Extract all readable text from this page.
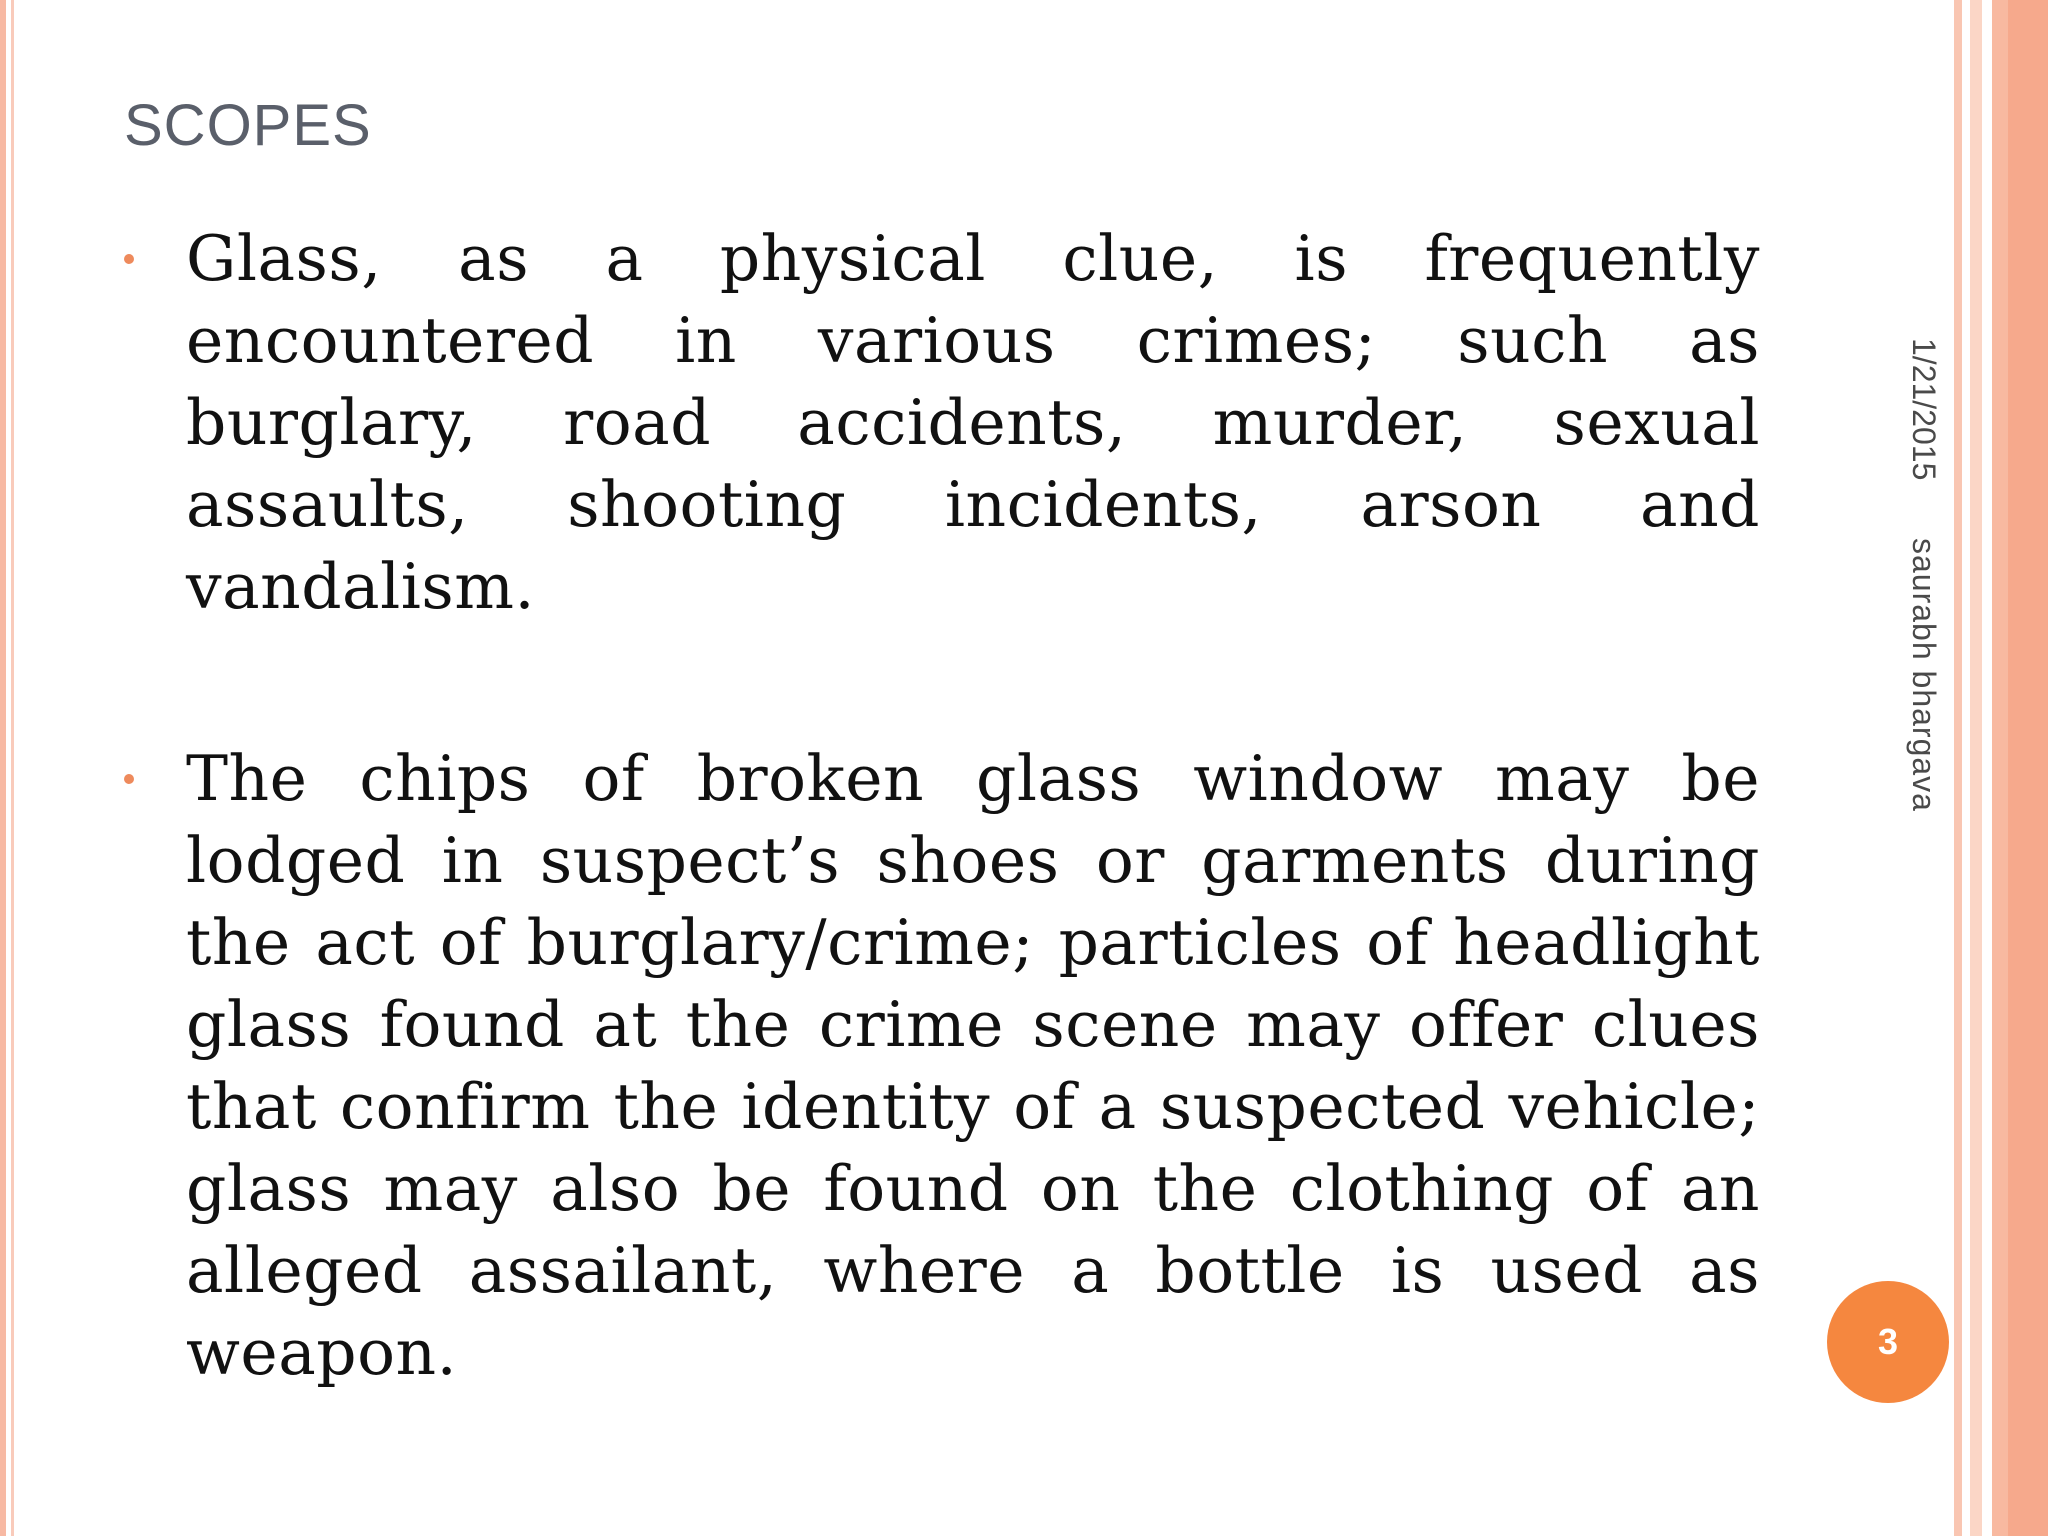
SCOPES
Glass, as a physical clue, is frequently encountered in various crimes; such as burglary, road accidents, murder, sexual assaults, shooting incidents, arson and vandalism.
The chips of broken glass window may be lodged in suspect’s shoes or garments during the act of burglary/crime; particles of headlight glass found at the crime scene may offer clues that confirm the identity of a suspected vehicle; glass may also be found on the clothing of an alleged assailant, where a bottle is used as weapon.
1/21/2015
saurabh bhargava
3
